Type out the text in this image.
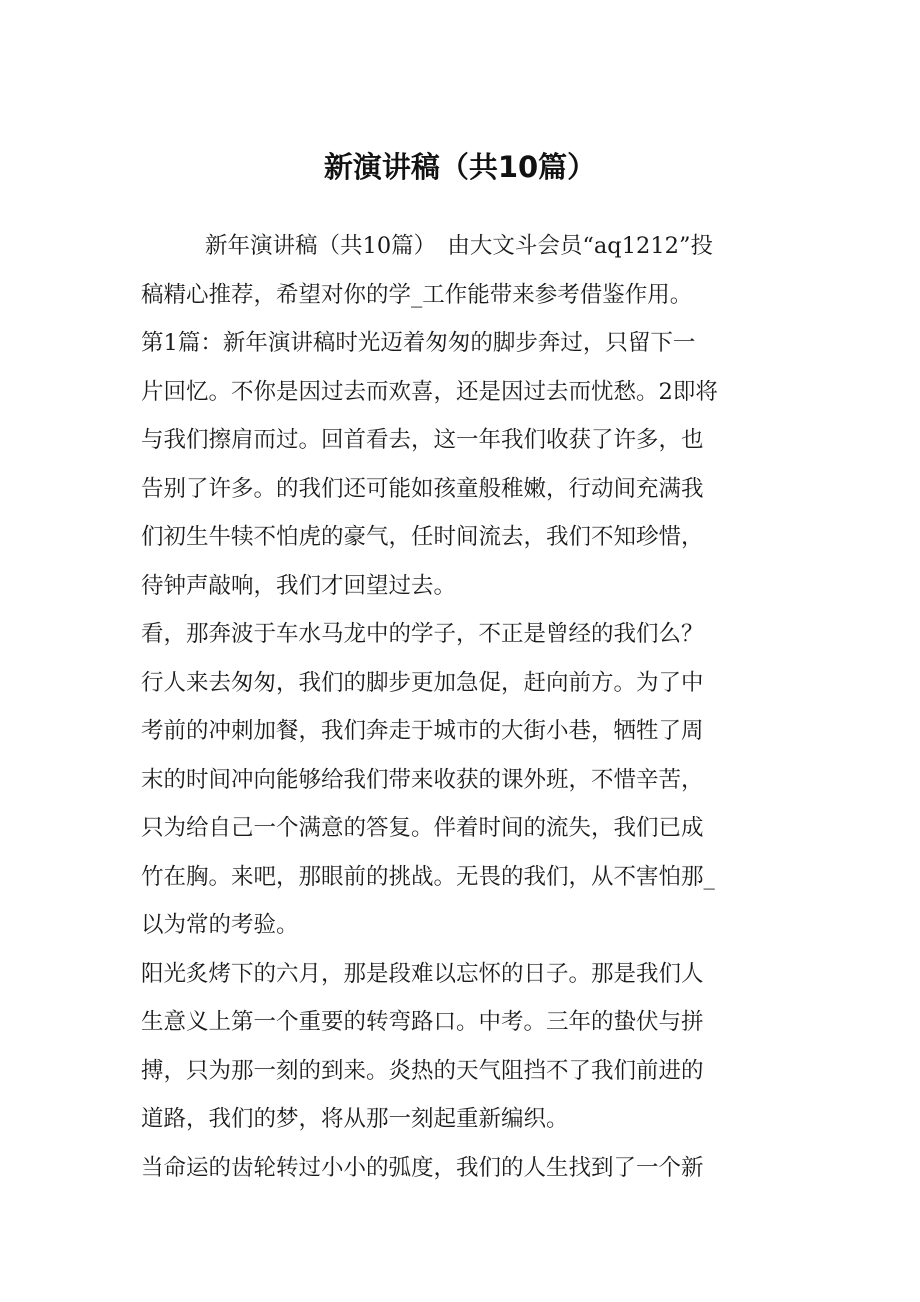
新演讲稿（共10篇）
新年演讲稿（共10篇）　由大文斗会员“aq1212”投
稿精心推荐，希望对你的学_工作能带来参考借鉴作用。
第1篇：新年演讲稿时光迈着匆匆的脚步奔过，只留下一
片回忆。不你是因过去而欢喜，还是因过去而忧愁。2即将
与我们擦肩而过。回首看去，这一年我们收获了许多，也
告别了许多。的我们还可能如孩童般稚嫩，行动间充满我
们初生牛犊不怕虎的豪气，任时间流去，我们不知珍惜，
待钟声敲响，我们才回望过去。
看，那奔波于车水马龙中的学子，不正是曾经的我们么？
行人来去匆匆，我们的脚步更加急促，赶向前方。为了中
考前的冲刺加餐，我们奔走于城市的大街小巷，牺牲了周
末的时间冲向能够给我们带来收获的课外班，不惜辛苦，
只为给自己一个满意的答复。伴着时间的流失，我们已成
竹在胸。来吧，那眼前的挑战。无畏的我们，从不害怕那_
以为常的考验。
阳光炙烤下的六月，那是段难以忘怀的日子。那是我们人
生意义上第一个重要的转弯路口。中考。三年的蛰伏与拼
搏，只为那一刻的到来。炎热的天气阻挡不了我们前进的
道路，我们的梦，将从那一刻起重新编织。
当命运的齿轮转过小小的弧度，我们的人生找到了一个新
